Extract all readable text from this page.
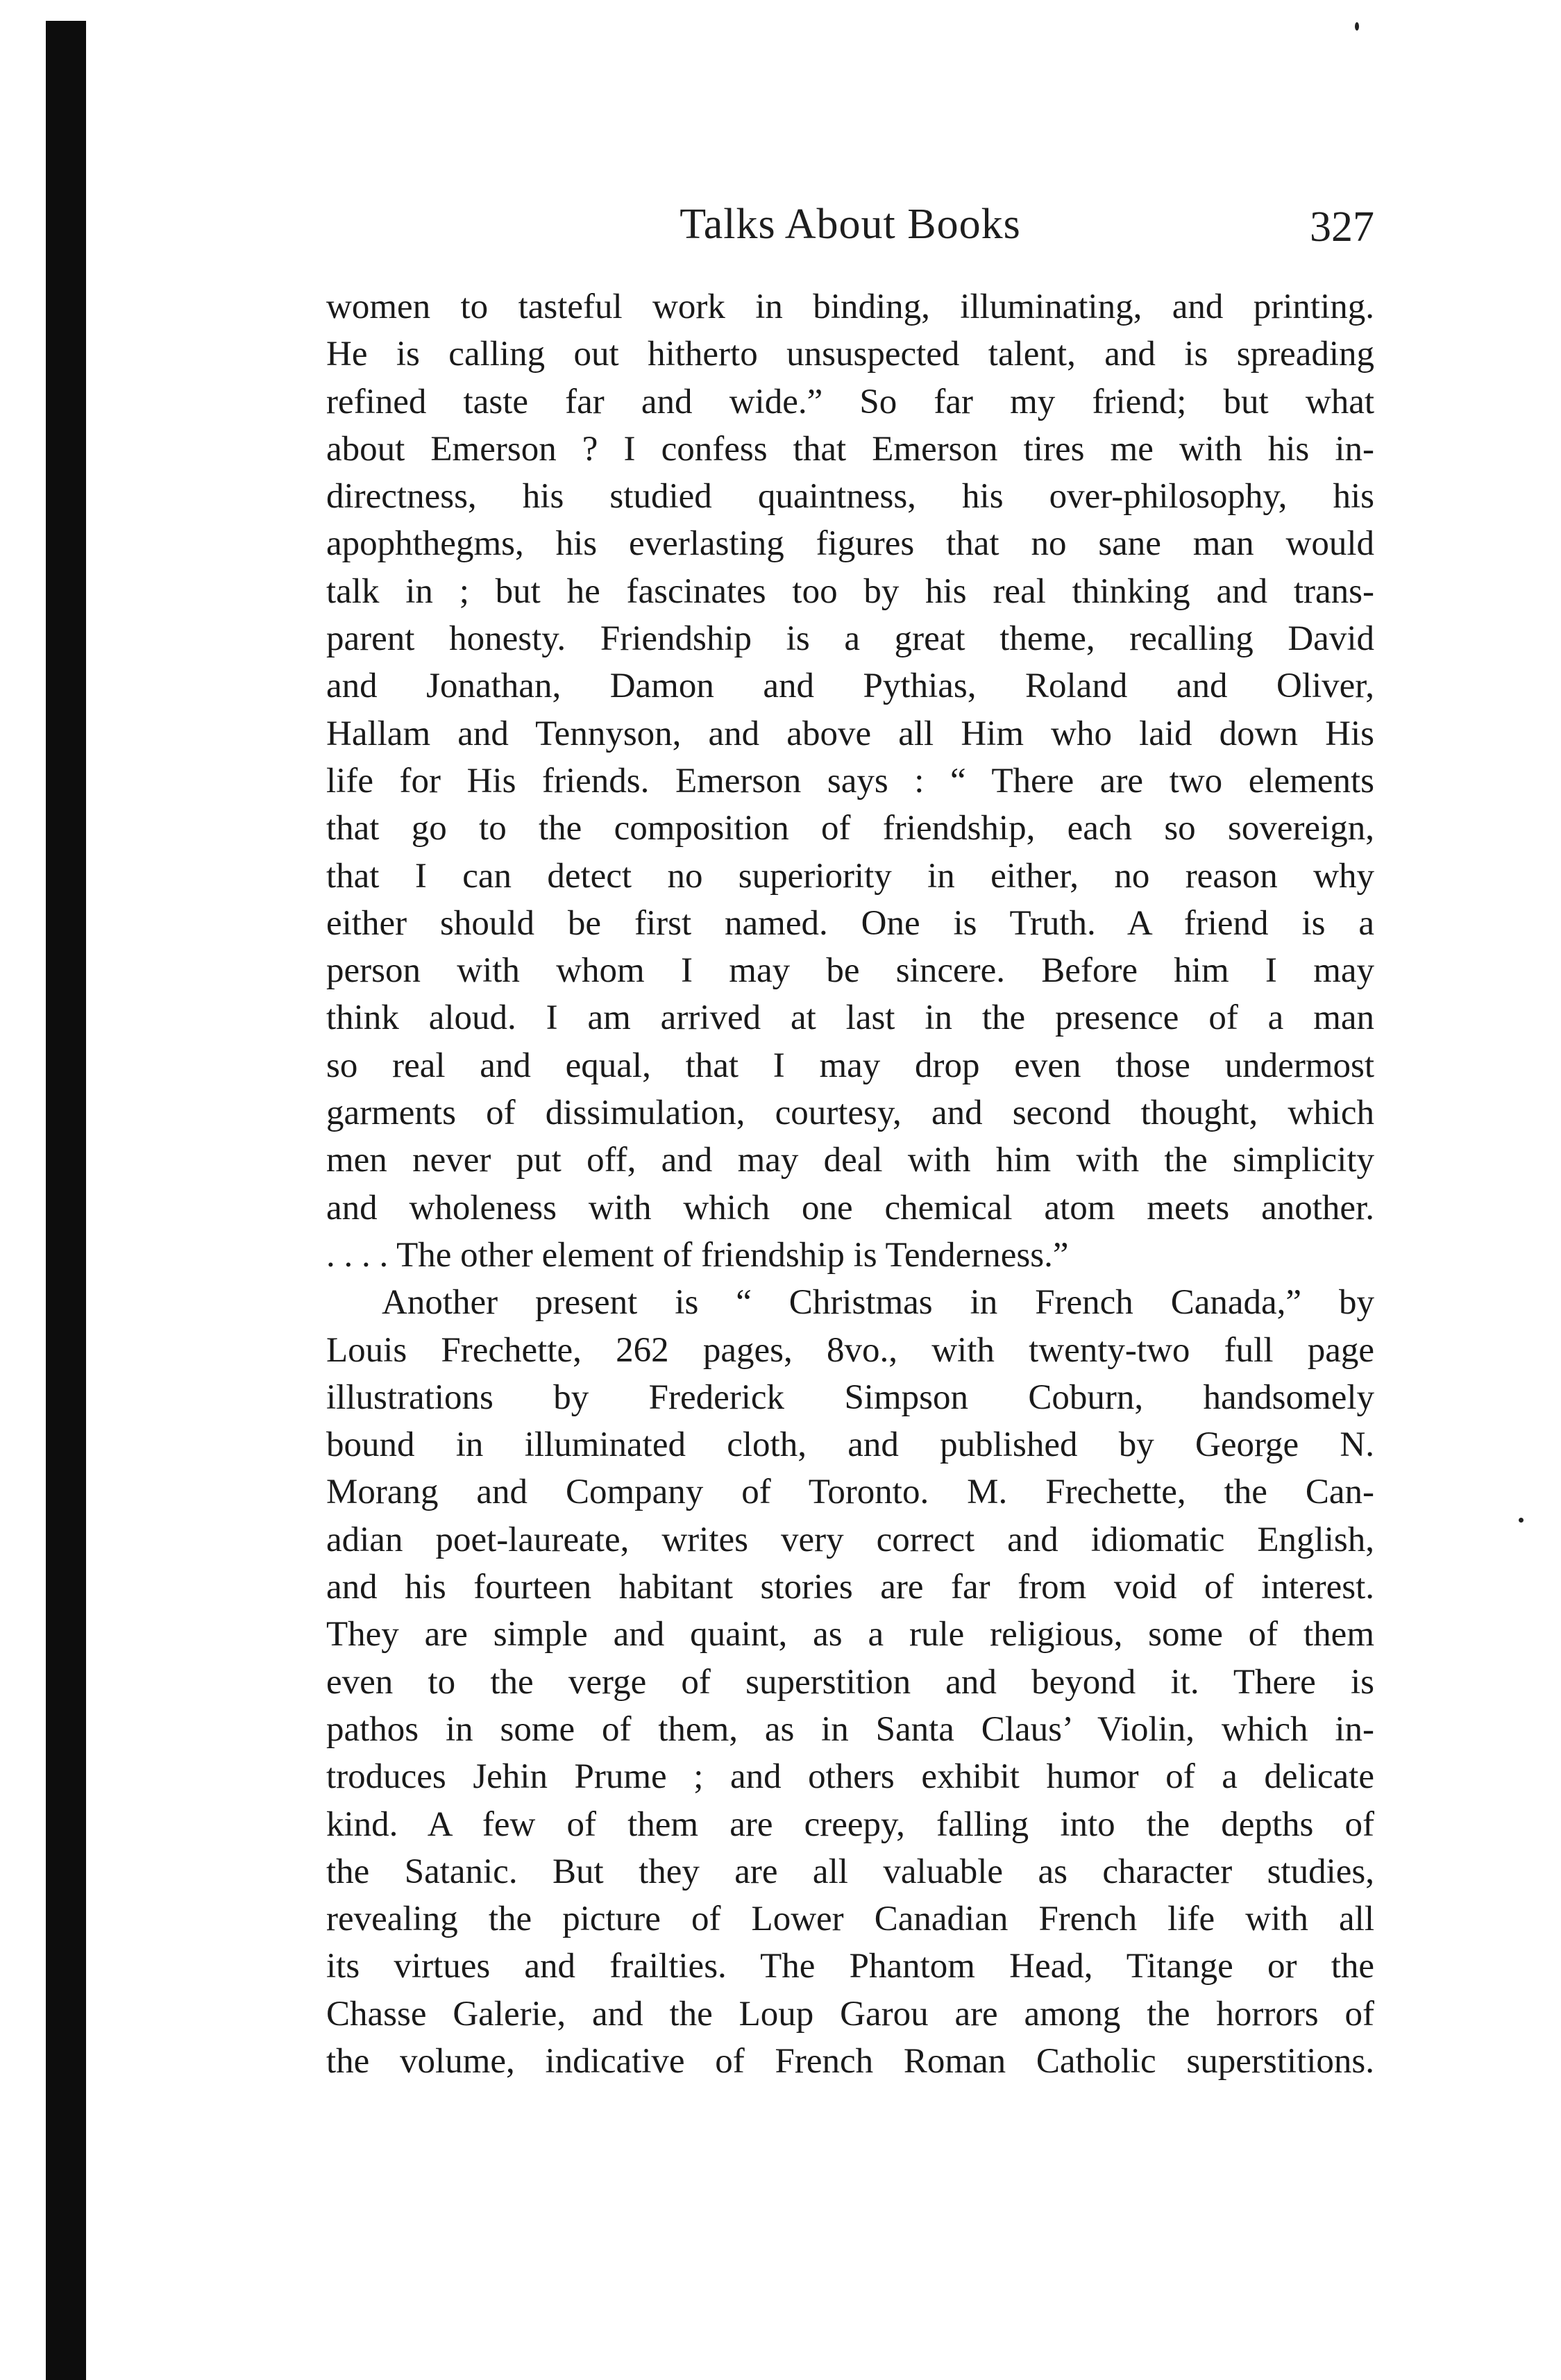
Talks About Books	327
women to tasteful work in binding, illuminating, and printing.
He is calling out hitherto unsuspected talent, and is spreading
refined taste far and wide.” So far my friend; but what
about Emerson ? I confess that Emerson tires me with his in-
directness, his studied quaintness, his over-philosophy, his
apophthegms, his everlasting figures that no sane man would
talk in ; but he fascinates too by his real thinking and trans-
parent honesty. Friendship is a great theme, recalling David
and Jonathan, Damon and Pythias, Roland and Oliver,
Hallam and Tennyson, and above all Him who laid down His
life for His friends. Emerson says : “ There are two elements
that go to the composition of friendship, each so sovereign,
that I can detect no superiority in either, no reason why
either should be first named. One is Truth. A friend is a
person with whom I may be sincere. Before him I may
think aloud. I am arrived at last in the presence of a man
so real and equal, that I may drop even those undermost
garments of dissimulation, courtesy, and second thought, which
men never put off, and may deal with him with the simplicity
and wholeness with which one chemical atom meets another.
. . . . The other element of friendship is Tenderness.”
Another present is “ Christmas in French Canada,” by
Louis Frechette, 262 pages, 8vo., with twenty-two full page
illustrations by Frederick Simpson Coburn, handsomely
bound in illuminated cloth, and published by George N.
Morang and Company of Toronto. M. Frechette, the Can-
adian poet-laureate, writes very correct and idiomatic English,
and his fourteen habitant stories are far from void of interest.
They are simple and quaint, as a rule religious, some of them
even to the verge of superstition and beyond it. There is
pathos in some of them, as in Santa Claus’ Violin, which in-
troduces Jehin Prume ; and others exhibit humor of a delicate
kind. A few of them are creepy, falling into the depths of
the Satanic. But they are all valuable as character studies,
revealing the picture of Lower Canadian French life with all
its virtues and frailties. The Phantom Head, Titange or the
Chasse Galerie, and the Loup Garou are among the horrors of
the volume, indicative of French Roman Catholic superstitions.
